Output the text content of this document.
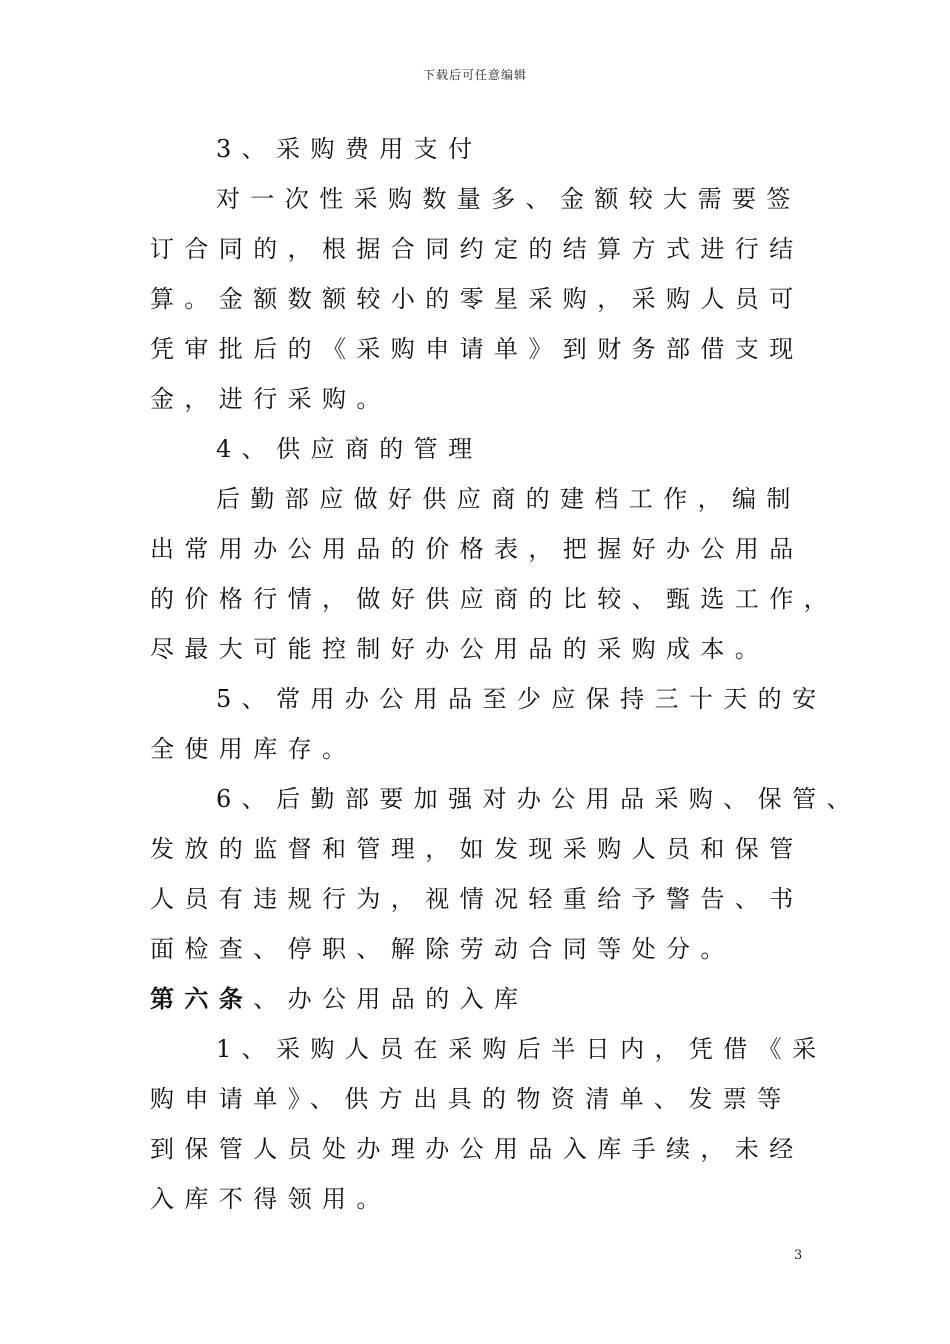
下载后可任意编辑
3、采购费用支付
对一次性采购数量多、金额较大需要签
订合同的，根据合同约定的结算方式进行结
算。金额数额较小的零星采购，采购人员可
凭审批后的《采购申请单》到财务部借支现
金，进行采购。
4、供应商的管理
后勤部应做好供应商的建档工作，编制
出常用办公用品的价格表，把握好办公用品
的价格行情，做好供应商的比较、甄选工作，
尽最大可能控制好办公用品的采购成本。
5、常用办公用品至少应保持三十天的安
全使用库存。
6、后勤部要加强对办公用品采购、保管、
发放的监督和管理，如发现采购人员和保管
人员有违规行为，视情况轻重给予警告、书
面检查、停职、解除劳动合同等处分。
第六条、办公用品的入库
1、采购人员在采购后半日内，凭借《采
购申请单》、供方出具的物资清单、发票等
到保管人员处办理办公用品入库手续，未经
入库不得领用。
3
